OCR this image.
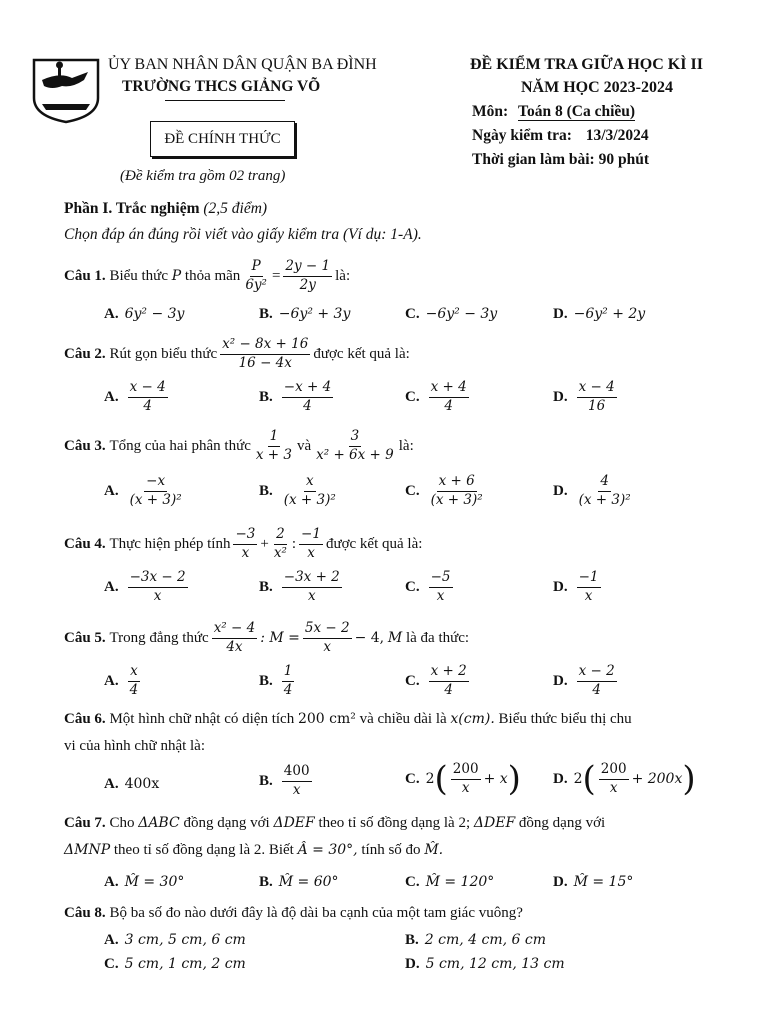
GV
ỦY BAN NHÂN DÂN QUẬN BA ĐÌNH
TRƯỜNG THCS GIẢNG VÕ
ĐỀ CHÍNH THỨC
(Đề kiểm tra gồm 02 trang)
ĐỀ KIỂM TRA GIỮA HỌC KÌ II
NĂM HỌC 2023-2024
Môn: Toán 8 (Ca chiều)
Ngày kiểm tra: 13/3/2024
Thời gian làm bài: 90 phút
Phần I. Trắc nghiệm (2,5 điểm)
Chọn đáp án đúng rồi viết vào giấy kiểm tra (Ví dụ: 1-A).
Câu 1.
Biểu thức
P
thỏa mãn $\frac{P}{\text{6y²}} = \frac{2y - 1}{2y}$ là:
A. 6y² − 3y	B. −6y² + 3y	C. −6y² − 3y	D. −6y² + 2y
Câu 2.
Rút gọn biểu thức $\frac{\text{x² − 8x + 16}}{16 - 4x}$ được kết quả là:
A. $\frac{x - 4}{4}$	B. $\frac{-x + 4}{4}$	C. $\frac{x + 4}{4}$	D. $\frac{x - 4}{16}$
Câu 3.
Tổng của hai phân thức $\frac{1}{x + 3}$ và $\frac{3}{\text{x² + 6x + 9}}$ là:
A. $\frac{-x}{\text{(x + 3)²}}$	B. $\frac{x}{\text{(x + 3)²}}$	C. $\frac{x + 6}{\text{(x + 3)²}}$	D. $\frac{4}{\text{(x + 3)²}}$
Câu 4.
Thực hiện phép tính $\frac{-3}{x} + \frac{2}{\text{x²}}$ : $\frac{-1}{x}$ được kết quả là:
A. $\frac{-3x - 2}{x}$	B. $\frac{-3x + 2}{x}$	C. $\frac{-5}{x}$	D. $\frac{-1}{x}$
Câu 5.
Trong đẳng thức $\frac{\text{x² − 4}}{4x}$ : $M = \frac{5x - 2}{x} - 4$,
M
là đa thức:
A. $\frac{x}{4}$	B. $\frac{1}{4}$	C. $\frac{x + 2}{4}$	D. $\frac{x - 2}{4}$
Câu 6. Một hình chữ nhật có diện tích 200 cm² và chiều dài là x(cm). Biểu thức biểu thị chu
vi của hình chữ nhật là:
A. 400x	B. $\frac{400}{x}$	C. 2 ( $\frac{200}{x} + x$ ) D. 2 ( $\frac{200}{x} + 200x$ )
Câu 7. Cho ΔABC đồng dạng với ΔDEF theo tỉ số đồng dạng là 2; ΔDEF đồng dạng với
ΔMNP theo tỉ số đồng dạng là 2. Biết Â = 30°, tính số đo M̂.
A. M̂ = 30°	B. M̂ = 60°	C. M̂ = 120°	D. M̂ = 15°
Câu 8. Bộ ba số đo nào dưới đây là độ dài ba cạnh của một tam giác vuông?
A. 3 cm, 5 cm, 6 cm	B. 2 cm, 4 cm, 6 cm
C. 5 cm, 1 cm, 2 cm	D. 5 cm, 12 cm, 13 cm
